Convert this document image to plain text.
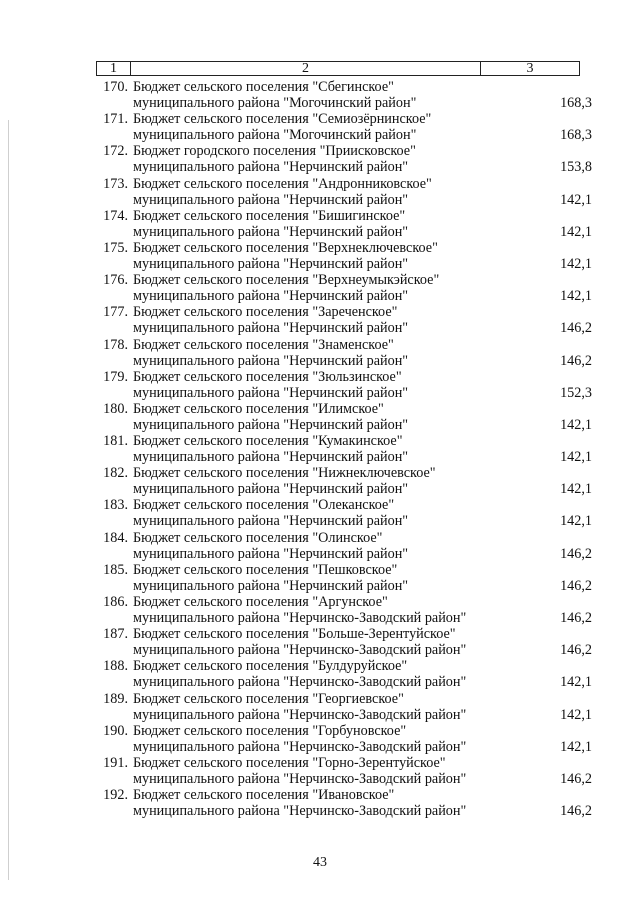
1	2	3
170. Бюджет сельского поселения "Сбегинское"
муниципального района "Могочинский район"	168,3
171. Бюджет сельского поселения "Семиозёрнинское"
муниципального района "Могочинский район"	168,3
172. Бюджет городского поселения "Приисковское"
муниципального района "Нерчинский район"	153,8
173. Бюджет сельского поселения "Андронниковское"
муниципального района "Нерчинский район"	142,1
174. Бюджет сельского поселения "Бишигинское"
муниципального района "Нерчинский район"	142,1
175. Бюджет сельского поселения "Верхнеключевское"
муниципального района "Нерчинский район"	142,1
176. Бюджет сельского поселения "Верхнеумыкэйское"
муниципального района "Нерчинский район"	142,1
177. Бюджет сельского поселения "Зареченское"
муниципального района "Нерчинский район"	146,2
178. Бюджет сельского поселения "Знаменское"
муниципального района "Нерчинский район"	146,2
179. Бюджет сельского поселения "Зюльзинское"
муниципального района "Нерчинский район"	152,3
180. Бюджет сельского поселения "Илимское"
муниципального района "Нерчинский район"	142,1
181. Бюджет сельского поселения "Кумакинское"
муниципального района "Нерчинский район"	142,1
182. Бюджет сельского поселения "Нижнеключевское"
муниципального района "Нерчинский район"	142,1
183. Бюджет сельского поселения "Олеканское"
муниципального района "Нерчинский район"	142,1
184. Бюджет сельского поселения "Олинское"
муниципального района "Нерчинский район"	146,2
185. Бюджет сельского поселения "Пешковское"
муниципального района "Нерчинский район"	146,2
186. Бюджет сельского поселения "Аргунское"
муниципального района "Нерчинско-Заводский район"	146,2
187. Бюджет сельского поселения "Больше-Зерентуйское"
муниципального района "Нерчинско-Заводский район"	146,2
188. Бюджет сельского поселения "Булдуруйское"
муниципального района "Нерчинско-Заводский район"	142,1
189. Бюджет сельского поселения "Георгиевское"
муниципального района "Нерчинско-Заводский район"	142,1
190. Бюджет сельского поселения "Горбуновское"
муниципального района "Нерчинско-Заводский район"	142,1
191. Бюджет сельского поселения "Горно-Зерентуйское"
муниципального района "Нерчинско-Заводский район"	146,2
192. Бюджет сельского поселения "Ивановское"
муниципального района "Нерчинско-Заводский район"	146,2
43
